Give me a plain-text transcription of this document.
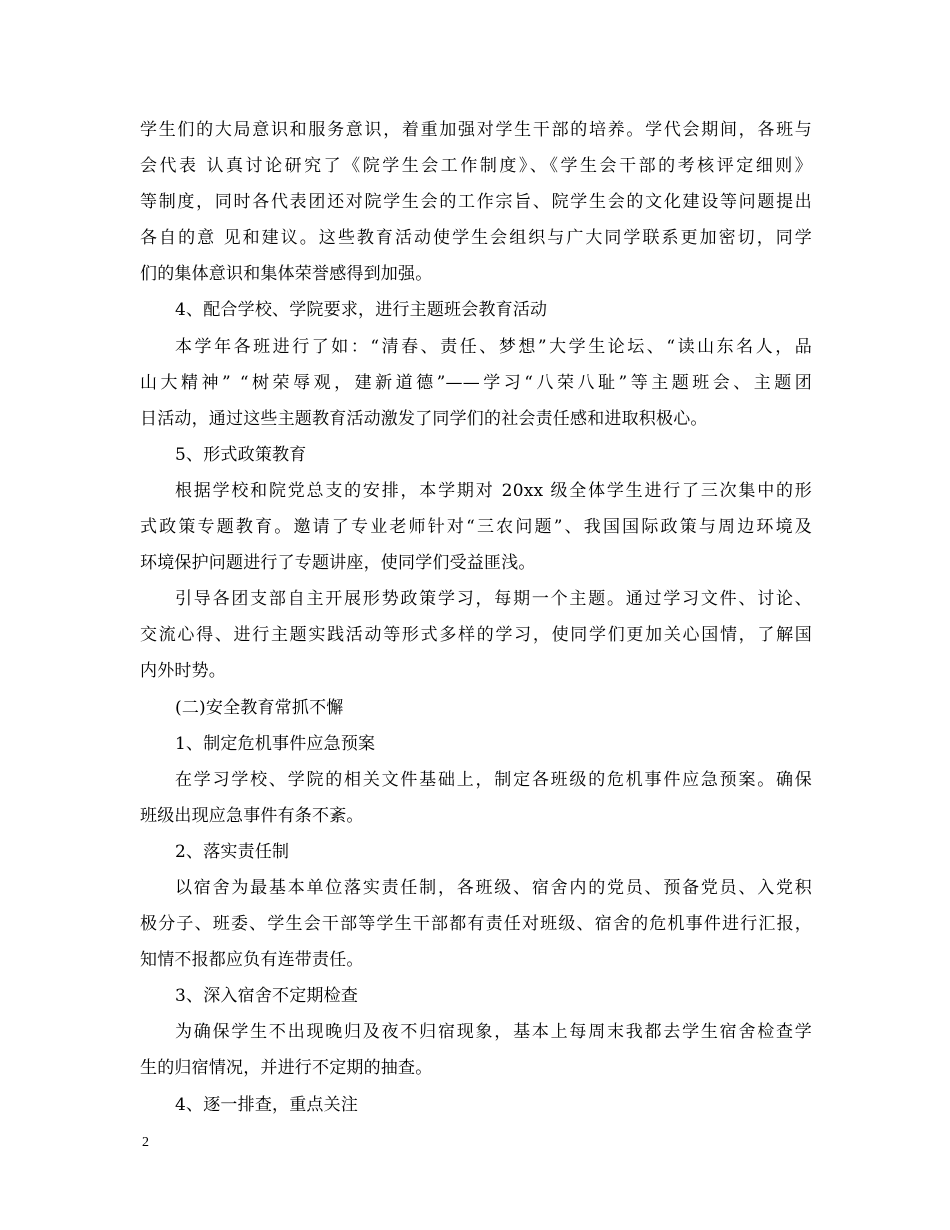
学生们的大局意识和服务意识，着重加强对学生干部的培养。学代会期间，各班与
会代表 认真讨论研究了《院学生会工作制度》、《学生会干部的考核评定细则》
等制度，同时各代表团还对院学生会的工作宗旨、院学生会的文化建设等问题提出
各自的意 见和建议。这些教育活动使学生会组织与广大同学联系更加密切，同学
们的集体意识和集体荣誉感得到加强。
4、配合学校、学院要求，进行主题班会教育活动
本学年各班进行了如：“清春、责任、梦想”大学生论坛、“读山东名人，品
山大精神” “树荣辱观，建新道德”——学习“八荣八耻”等主题班会、主题团
日活动，通过这些主题教育活动激发了同学们的社会责任感和进取积极心。
5、形式政策教育
根据学校和院党总支的安排，本学期对 20xx 级全体学生进行了三次集中的形
式政策专题教育。邀请了专业老师针对“三农问题”、我国国际政策与周边环境及
环境保护问题进行了专题讲座，使同学们受益匪浅。
引导各团支部自主开展形势政策学习，每期一个主题。通过学习文件、讨论、
交流心得、进行主题实践活动等形式多样的学习，使同学们更加关心国情，了解国
内外时势。
(二)安全教育常抓不懈
1、制定危机事件应急预案
在学习学校、学院的相关文件基础上，制定各班级的危机事件应急预案。确保
班级出现应急事件有条不紊。
2、落实责任制
以宿舍为最基本单位落实责任制，各班级、宿舍内的党员、预备党员、入党积
极分子、班委、学生会干部等学生干部都有责任对班级、宿舍的危机事件进行汇报，
知情不报都应负有连带责任。
3、深入宿舍不定期检查
为确保学生不出现晚归及夜不归宿现象，基本上每周末我都去学生宿舍检查学
生的归宿情况，并进行不定期的抽查。
4、逐一排查，重点关注
2
